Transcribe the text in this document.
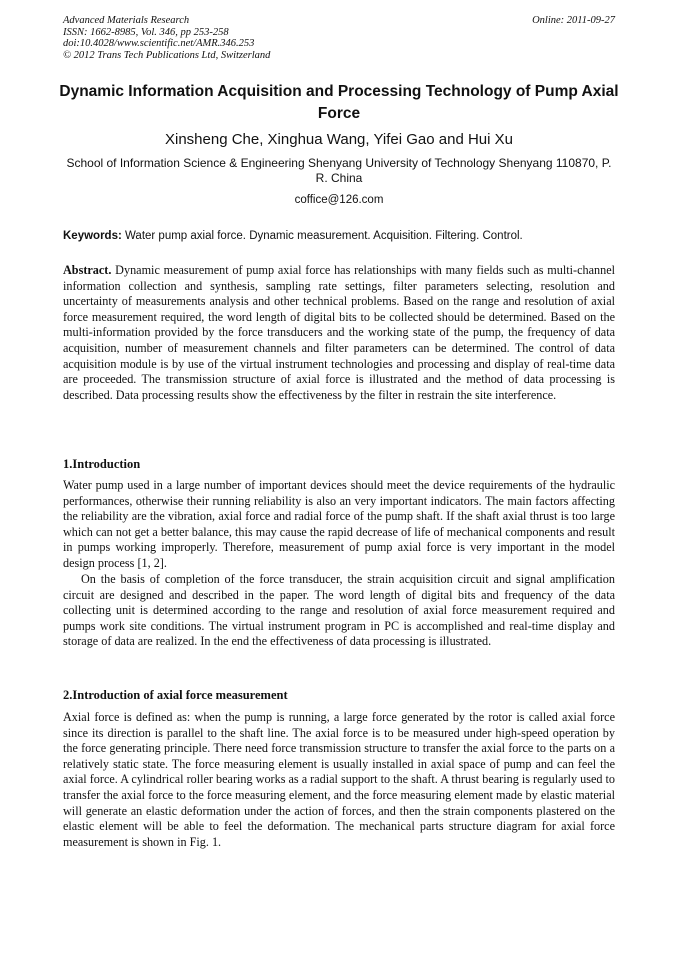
Advanced Materials Research
ISSN: 1662-8985, Vol. 346, pp 253-258
doi:10.4028/www.scientific.net/AMR.346.253
© 2012 Trans Tech Publications Ltd, Switzerland
Online: 2011-09-27
Dynamic Information Acquisition and Processing Technology of Pump Axial Force
Xinsheng Che, Xinghua Wang, Yifei Gao and Hui Xu
School of Information Science & Engineering Shenyang University of Technology Shenyang 110870, P. R. China
coffice@126.com
Keywords: Water pump axial force. Dynamic measurement. Acquisition. Filtering. Control.
Abstract. Dynamic measurement of pump axial force has relationships with many fields such as multi-channel information collection and synthesis, sampling rate settings, filter parameters selecting, resolution and uncertainty of measurements analysis and other technical problems. Based on the range and resolution of axial force measurement required, the word length of digital bits to be collected should be determined. Based on the multi-information provided by the force transducers and the working state of the pump, the frequency of data acquisition, number of measurement channels and filter parameters can be determined. The control of data acquisition module is by use of the virtual instrument technologies and processing and display of real-time data are proceeded. The transmission structure of axial force is illustrated and the method of data processing is described. Data processing results show the effectiveness by the filter in restrain the site interference.
1.Introduction
Water pump used in a large number of important devices should meet the device requirements of the hydraulic performances, otherwise their running reliability is also an very important indicators. The main factors affecting the reliability are the vibration, axial force and radial force of the pump shaft. If the shaft axial thrust is too large which can not get a better balance, this may cause the rapid decrease of life of mechanical components and result in pumps working improperly. Therefore, measurement of pump axial force is very important in the model design process [1, 2].
On the basis of completion of the force transducer, the strain acquisition circuit and signal amplification circuit are designed and described in the paper. The word length of digital bits and frequency of the data collecting unit is determined according to the range and resolution of axial force measurement required and pumps work site conditions. The virtual instrument program in PC is accomplished and real-time display and storage of data are realized. In the end the effectiveness of data processing is illustrated.
2.Introduction of axial force measurement
Axial force is defined as: when the pump is running, a large force generated by the rotor is called axial force since its direction is parallel to the shaft line. The axial force is to be measured under high-speed operation by the force generating principle. There need force transmission structure to transfer the axial force to the parts on a relatively static state. The force measuring element is usually installed in axial space of pump and can feel the axial force. A cylindrical roller bearing works as a radial support to the shaft. A thrust bearing is regularly used to transfer the axial force to the force measuring element, and the force measuring element made by elastic material will generate an elastic deformation under the action of forces, and then the strain components plastered on the elastic element will be able to feel the deformation. The mechanical parts structure diagram for axial force measurement is shown in Fig. 1.
